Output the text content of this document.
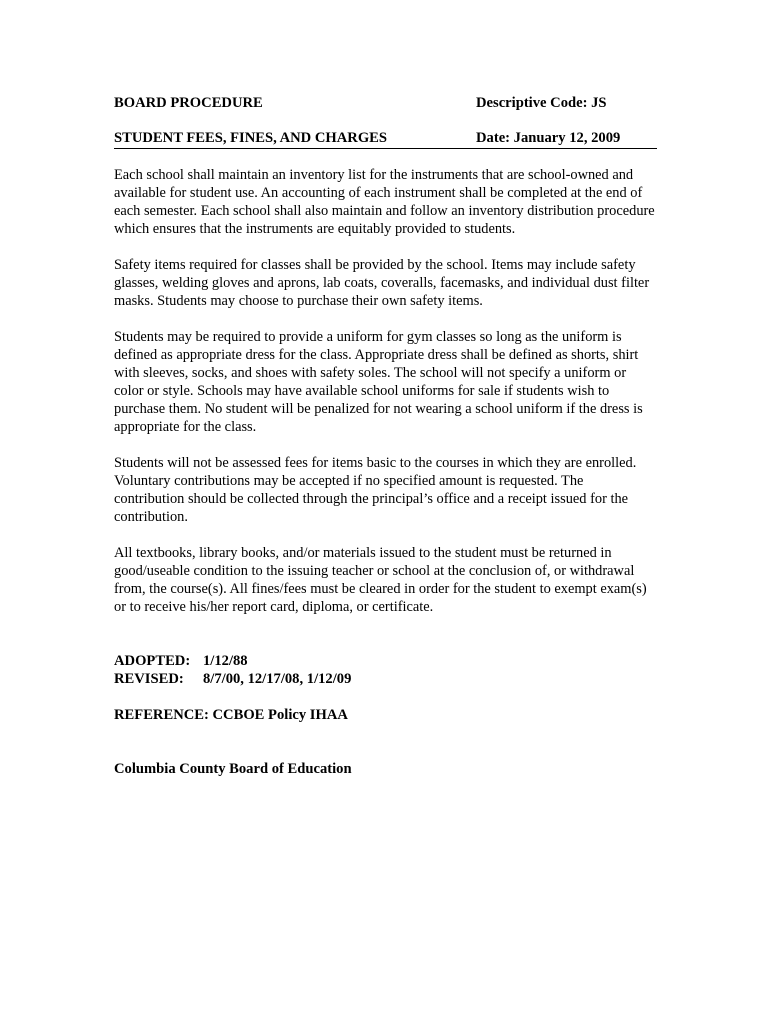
BOARD PROCEDURE	Descriptive Code: JS
STUDENT FEES, FINES, AND CHARGES	Date: January 12, 2009

Each school shall maintain an inventory list for the instruments that are school-owned and available for student use. An accounting of each instrument shall be completed at the end of each semester. Each school shall also maintain and follow an inventory distribution procedure which ensures that the instruments are equitably provided to students.

Safety items required for classes shall be provided by the school. Items may include safety glasses, welding gloves and aprons, lab coats, coveralls, facemasks, and individual dust filter masks. Students may choose to purchase their own safety items.

Students may be required to provide a uniform for gym classes so long as the uniform is defined as appropriate dress for the class. Appropriate dress shall be defined as shorts, shirt with sleeves, socks, and shoes with safety soles. The school will not specify a uniform or color or style. Schools may have available school uniforms for sale if students wish to purchase them. No student will be penalized for not wearing a school uniform if the dress is appropriate for the class.

Students will not be assessed fees for items basic to the courses in which they are enrolled. Voluntary contributions may be accepted if no specified amount is requested. The contribution should be collected through the principal’s office and a receipt issued for the contribution.

All textbooks, library books, and/or materials issued to the student must be returned in good/useable condition to the issuing teacher or school at the conclusion of, or withdrawal from, the course(s). All fines/fees must be cleared in order for the student to exempt exam(s) or to receive his/her report card, diploma, or certificate.

ADOPTED: 1/12/88
REVISED: 8/7/00, 12/17/08, 1/12/09
REFERENCE: CCBOE Policy IHAA
Columbia County Board of Education
